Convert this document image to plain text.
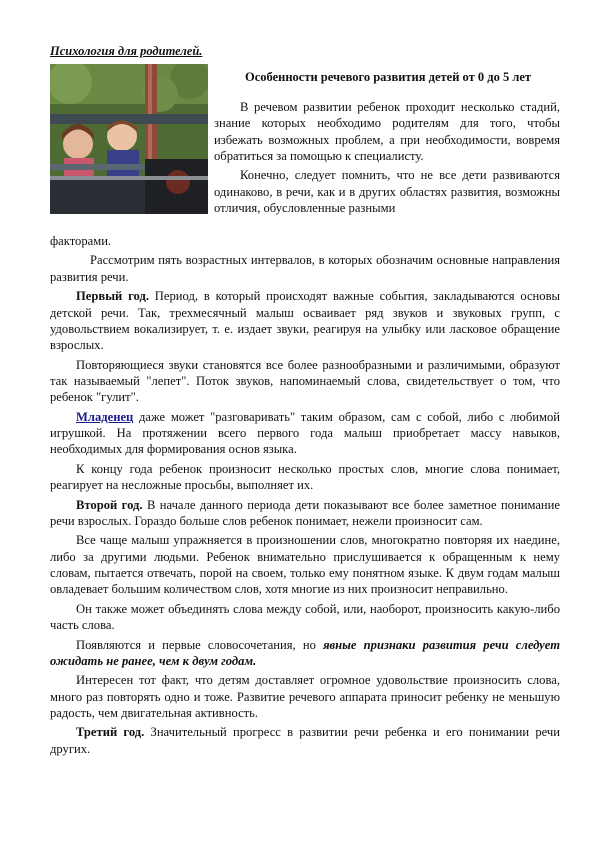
Психология для родителей.
Особенности речевого развития детей от 0 до 5 лет

В речевом развитии ребенок проходит несколько стадий, знание которых необходимо родителям для того, чтобы избежать возможных проблем, а при необходимости, вовремя обратиться за помощью к специалисту.

Конечно, следует помнить, что не все дети развиваются одинаково, в речи, как и в других областях развития, возможны отличия, обусловленные разными

факторами.

Рассмотрим пять возрастных интервалов, в которых обозначим основные направления развития речи.

Первый год. Период, в который происходят важные события, закладываются основы детской речи. Так, трехмесячный малыш осваивает ряд звуков и звуковых групп, с удовольствием вокализирует, т. е. издает звуки, реагируя на улыбку или ласковое обращение взрослых.

Повторяющиеся звуки становятся все более разнообразными и различимыми, образуют так называемый "лепет". Поток звуков, напоминаемый слова, свидетельствует о том, что ребенок "гулит".

Младенец даже может "разговаривать" таким образом, сам с собой, либо с любимой игрушкой. На протяжении всего первого года малыш приобретает массу навыков, необходимых для формирования основ языка.

К концу года ребенок произносит несколько простых слов, многие слова понимает, реагирует на несложные просьбы, выполняет их.

Второй год. В начале данного периода дети показывают все более заметное понимание речи взрослых. Гораздо больше слов ребенок понимает, нежели произносит сам.

Все чаще малыш упражняется в произношении слов, многократно повторяя их наедине, либо за другими людьми. Ребенок внимательно прислушивается к обращенным к нему словам, пытается отвечать, порой на своем, только ему понятном языке. К двум годам малыш овладевает большим количеством слов, хотя многие из них произносит неправильно.

Он также может объединять слова между собой, или, наоборот, произносить какую-либо часть слова.

Появляются и первые словосочетания, но явные признаки развития речи следует ожидать не ранее, чем к двум годам.

Интересен тот факт, что детям доставляет огромное удовольствие произносить слова, много раз повторять одно и тоже. Развитие речевого аппарата приносит ребенку не меньшую радость, чем двигательная активность.

Третий год. Значительный прогресс в развитии речи ребенка и его понимании речи других.
